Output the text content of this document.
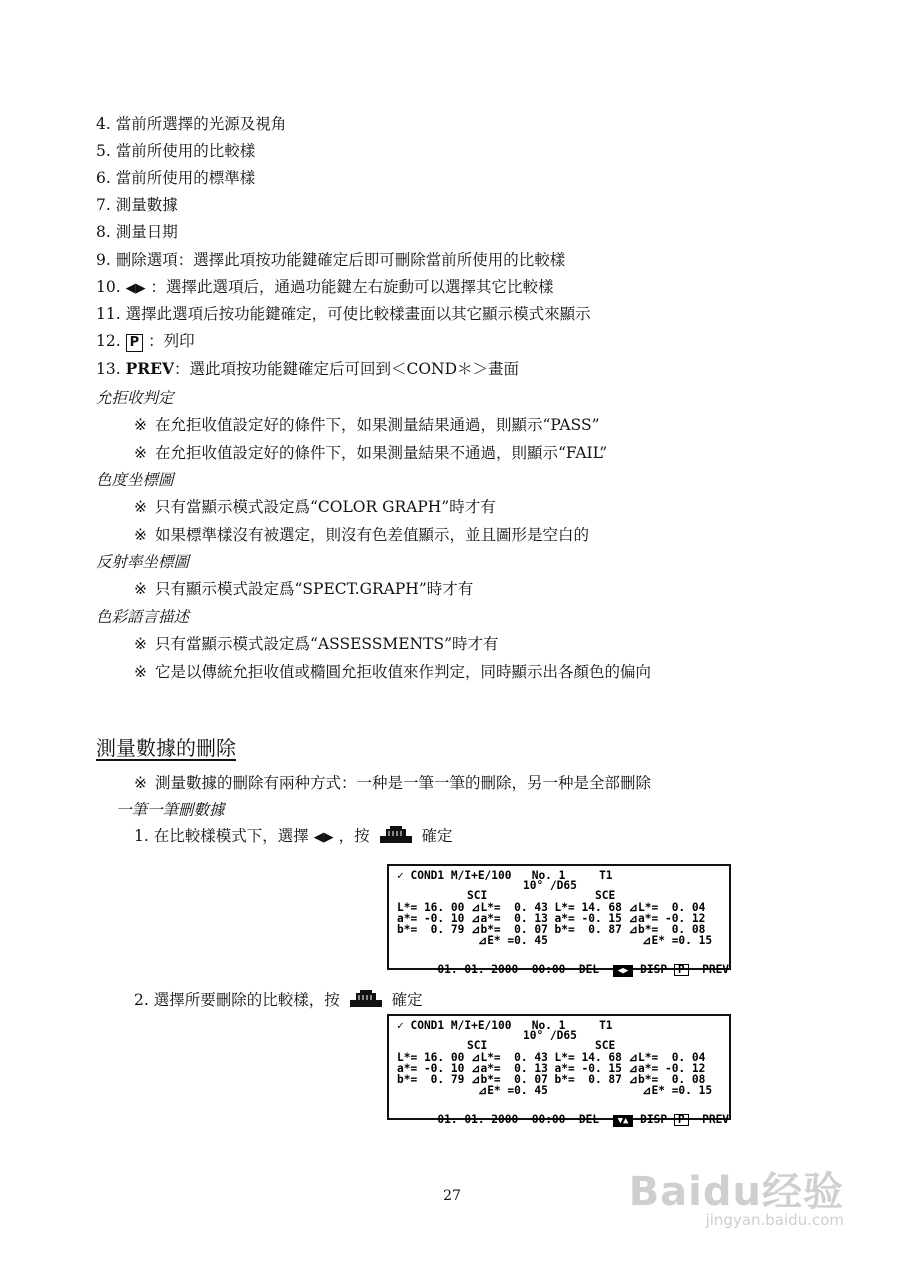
4. 當前所選擇的光源及視角
5. 當前所使用的比較樣
6. 當前所使用的標準樣
7. 測量數據
8. 測量日期
9. 刪除選項：選擇此項按功能鍵確定后即可刪除當前所使用的比較樣
10. ◀▶ ：選擇此選項后，通過功能鍵左右旋動可以選擇其它比較樣
11. 選擇此選項后按功能鍵確定，可使比較樣畫面以其它顯示模式來顯示
12. P ：列印
13. PREV：選此項按功能鍵確定后可回到＜COND＊＞畫面
允拒收判定
※ 在允拒收值設定好的條件下，如果測量結果通過，則顯示“PASS”
※ 在允拒收值設定好的條件下，如果測量結果不通過，則顯示“FAIL”
色度坐標圖
※ 只有當顯示模式設定爲“COLOR GRAPH”時才有
※ 如果標準樣沒有被選定，則沒有色差值顯示，並且圖形是空白的
反射率坐標圖
※ 只有顯示模式設定爲“SPECT.GRAPH”時才有
色彩語言描述
※ 只有當顯示模式設定爲“ASSESSMENTS”時才有
※ 它是以傳統允拒收值或橢圓允拒收值來作判定，同時顯示出各顏色的偏向
測量數據的刪除
※ 測量數據的刪除有兩种方式：一种是一筆一筆的刪除，另一种是全部刪除
一筆一筆刪數據
1. 在比較樣模式下，選擇 ◀▶ ，按	確定
✓ COND1 M/I+E/100   No. 1     T1
10° /D65
SCI	SCE
L*= 16. 00 ⊿L*=  0. 43 L*= 14. 68 ⊿L*=  0. 04
a*= -0. 10 ⊿a*=  0. 13 a*= -0. 15 ⊿a*= -0. 12
b*=  0. 79 ⊿b*=  0. 07 b*=  0. 87 ⊿b*=  0. 08
⊿E* =0. 45              ⊿E* =0. 15

01. 01. 2000  00:00  DEL ◀▶ DISP P PREV

2. 選擇所要刪除的比較樣，按	確定
✓ COND1 M/I+E/100   No. 1     T1
10° /D65
SCI	SCE
L*= 16. 00 ⊿L*=  0. 43 L*= 14. 68 ⊿L*=  0. 04
a*= -0. 10 ⊿a*=  0. 13 a*= -0. 15 ⊿a*= -0. 12
b*=  0. 79 ⊿b*=  0. 07 b*=  0. 87 ⊿b*=  0. 08
⊿E* =0. 45              ⊿E* =0. 15

01. 01. 2000  00:00  DEL ▼▲ DISP P PREV

27	Baidu经验
jingyan.baidu.com
